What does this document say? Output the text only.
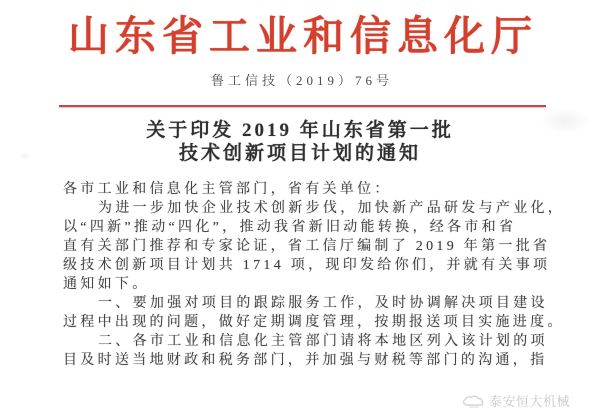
山东省工业和信息化厅
鲁工信技（2019）76号
关于印发 2019 年山东省第一批
技术创新项目计划的通知
各市工业和信息化主管部门，省有关单位：
为进一步加快企业技术创新步伐，加快新产品研发与产业化，
以“四新”推动“四化”，推动我省新旧动能转换，经各市和省
直有关部门推荐和专家论证，省工信厅编制了 2019 年第一批省
级技术创新项目计划共 1714 项，现印发给你们，并就有关事项
通知如下。
一、要加强对项目的跟踪服务工作，及时协调解决项目建设
过程中出现的问题，做好定期调度管理，按期报送项目实施进度。
二、各市工业和信息化主管部门请将本地区列入该计划的项
目及时送当地财政和税务部门，并加强与财税等部门的沟通，指
泰安恒大机械
